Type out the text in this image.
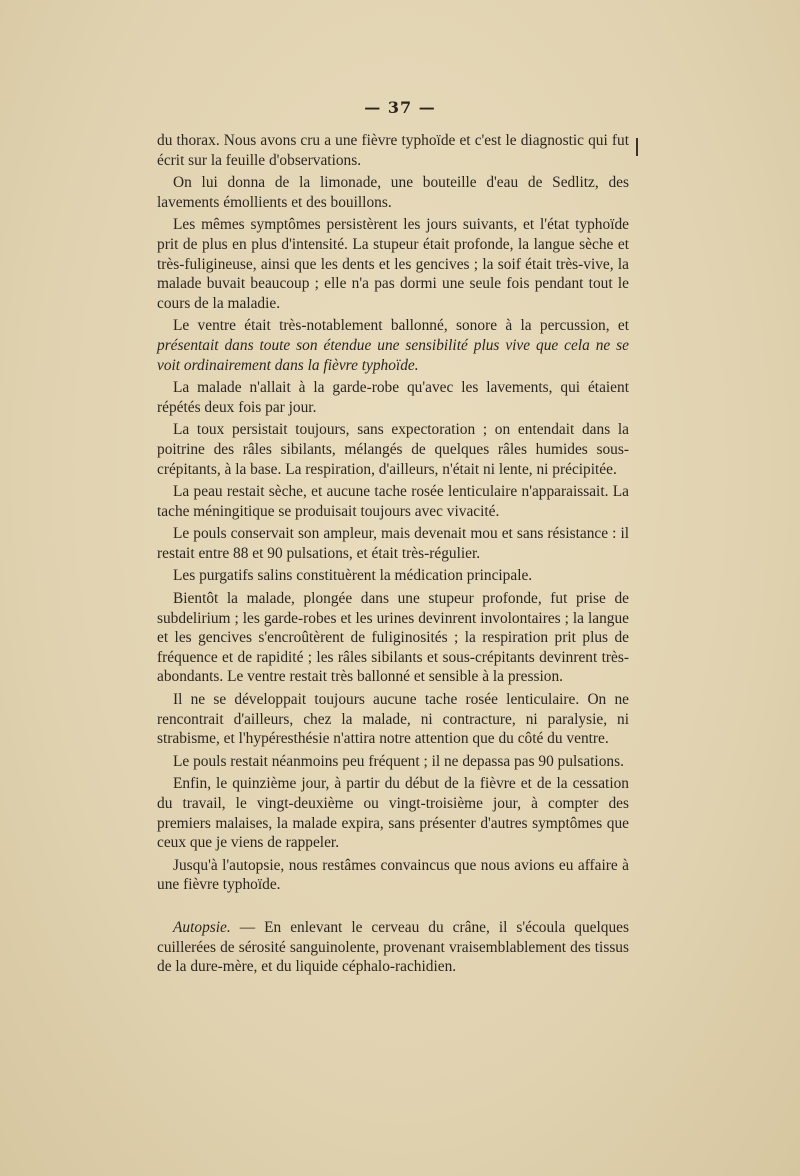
— 37 —

du thorax. Nous avons cru a une fièvre typhoïde et c'est le diagnostic qui fut écrit sur la feuille d'observations.

On lui donna de la limonade, une bouteille d'eau de Sedlitz, des lavements émollients et des bouillons.

Les mêmes symptômes persistèrent les jours suivants, et l'état typhoïde prit de plus en plus d'intensité. La stupeur était profonde, la langue sèche et très-fuligineuse, ainsi que les dents et les gencives ; la soif était très-vive, la malade buvait beaucoup ; elle n'a pas dormi une seule fois pendant tout le cours de la maladie.

Le ventre était très-notablement ballonné, sonore à la percussion, et présentait dans toute son étendue une sensibilité plus vive que cela ne se voit ordinairement dans la fièvre typhoïde.

La malade n'allait à la garde-robe qu'avec les lavements, qui étaient répétés deux fois par jour.

La toux persistait toujours, sans expectoration ; on entendait dans la poitrine des râles sibilants, mélangés de quelques râles humides sous-crépitants, à la base. La respiration, d'ailleurs, n'était ni lente, ni précipitée.

La peau restait sèche, et aucune tache rosée lenticulaire n'apparaissait. La tache méningitique se produisait toujours avec vivacité.

Le pouls conservait son ampleur, mais devenait mou et sans résistance : il restait entre 88 et 90 pulsations, et était très-régulier.

Les purgatifs salins constituèrent la médication principale.

Bientôt la malade, plongée dans une stupeur profonde, fut prise de subdelirium ; les garde-robes et les urines devinrent involontaires ; la langue et les gencives s'encroûtèrent de fuliginosités ; la respiration prit plus de fréquence et de rapidité ; les râles sibilants et sous-crépitants devinrent très-abondants. Le ventre restait très ballonné et sensible à la pression.

Il ne se développait toujours aucune tache rosée lenticulaire. On ne rencontrait d'ailleurs, chez la malade, ni contracture, ni paralysie, ni strabisme, et l'hypéresthésie n'attira notre attention que du côté du ventre.

Le pouls restait néanmoins peu fréquent ; il ne depassa pas 90 pulsations.

Enfin, le quinzième jour, à partir du début de la fièvre et de la cessation du travail, le vingt-deuxième ou vingt-troisième jour, à compter des premiers malaises, la malade expira, sans présenter d'autres symptômes que ceux que je viens de rappeler.

Jusqu'à l'autopsie, nous restâmes convaincus que nous avions eu affaire à une fièvre typhoïde.

Autopsie. — En enlevant le cerveau du crâne, il s'écoula quelques cuillerées de sérosité sanguinolente, provenant vraisemblablement des tissus de la dure-mère, et du liquide céphalo-rachidien.
